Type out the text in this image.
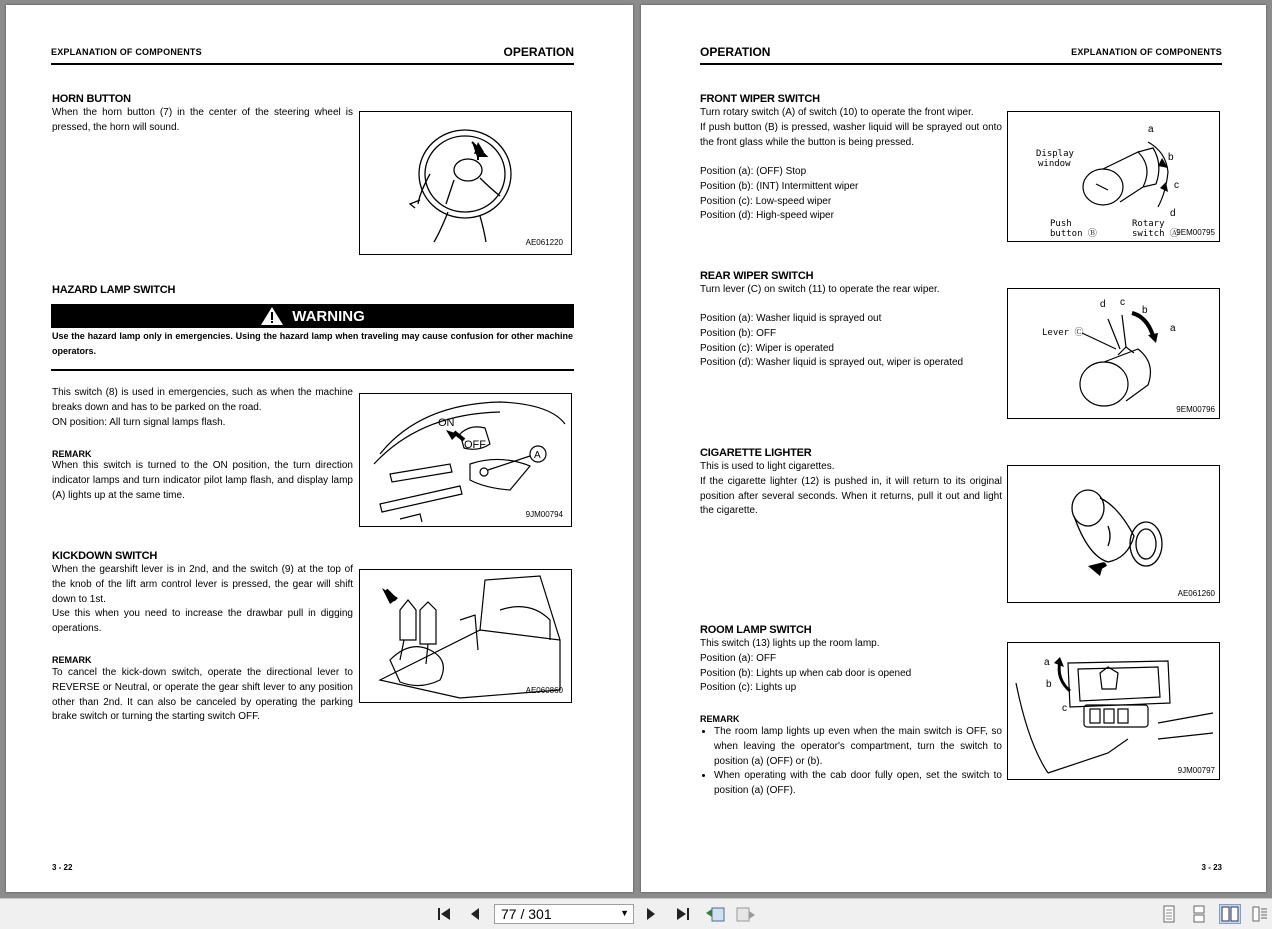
EXPLANATION OF COMPONENTS	OPERATION
HORN BUTTON
When the horn button (7) in the center of the steering wheel is pressed, the horn will sound.
AE061220
HAZARD LAMP SWITCH
WARNING
Use the hazard lamp only in emergencies. Using the hazard lamp when traveling may cause confusion for other machine operators.

This switch (8) is used in emergencies, such as when the machine breaks down and has to be parked on the road.

ON position: All turn signal lamps flash.

REMARK
When this switch is turned to the ON position, the turn direction indicator lamps and turn indicator pilot lamp flash, and display lamp (A) lights up at the same time.
ON
OFF
A
9JM00794
KICKDOWN SWITCH

When the gearshift lever is in 2nd, and the switch (9) at the top of the knob of the lift arm control lever is pressed, the gear will shift down to 1st.

Use this when you need to increase the drawbar pull in digging operations.

REMARK
To cancel the kick-down switch, operate the directional lever to REVERSE or Neutral, or operate the gear shift lever to any position other than 2nd. It can also be canceled by operating the parking brake switch or turning the starting switch OFF.
AE060860
3 - 22
OPERATION	EXPLANATION OF COMPONENTS
FRONT WIPER SWITCH

Turn rotary switch (A) of switch (10) to operate the front wiper.

If push button (B) is pressed, washer liquid will be sprayed out onto the front glass while the button is being pressed.

Position (a): (OFF) Stop

Position (b): (INT) Intermittent wiper

Position (c): Low-speed wiper

Position (d): High-speed wiper

Display
window
Push
button Ⓑ
Rotary
switch Ⓐ
a
b
c
d
9EM00795
REAR WIPER SWITCH
Turn lever (C) on switch (11) to operate the rear wiper.

Position (a): Washer liquid is sprayed out

Position (b): OFF

Position (c): Wiper is operated

Position (d): Washer liquid is sprayed out, wiper is operated

Lever Ⓒ
d c
b
a
9EM00796
CIGARETTE LIGHTER

This is used to light cigarettes.

If the cigarette lighter (12) is pushed in, it will return to its original position after several seconds. When it returns, pull it out and light the cigarette.

AE061260
ROOM LAMP SWITCH

This switch (13) lights up the room lamp.

Position (a): OFF

Position (b): Lights up when cab door is opened

Position (c): Lights up

REMARK
• The room lamp lights up even when the main switch is OFF, so when leaving the operator's compartment, turn the switch to position (a) (OFF) or (b).
• When operating with the cab door fully open, set the switch to position (a) (OFF).
a
b
c
9JM00797
3 - 23
77 / 301	▼
